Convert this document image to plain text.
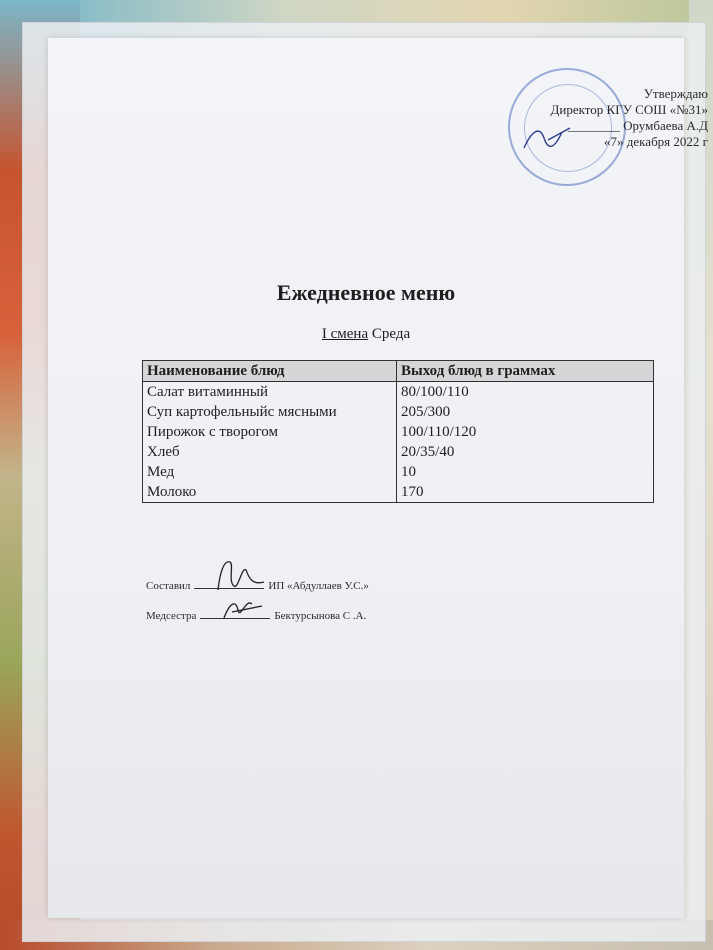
Утверждаю
Директор КГУ СОШ «№31»
________ Орумбаева А.Д
«7» декабря 2022 г
Ежедневное меню
I смена Среда
Наименование блюд	Выход блюд в граммах
Салат витаминный	80/100/110
Суп картофельныйс мясными	205/300
Пирожок с творогом	100/110/120
Хлеб	20/35/40
Мед	10
Молоко	170
Составил	ИП «Абдуллаев У.С.»
Медсестра	Бектурсынова С .А.
